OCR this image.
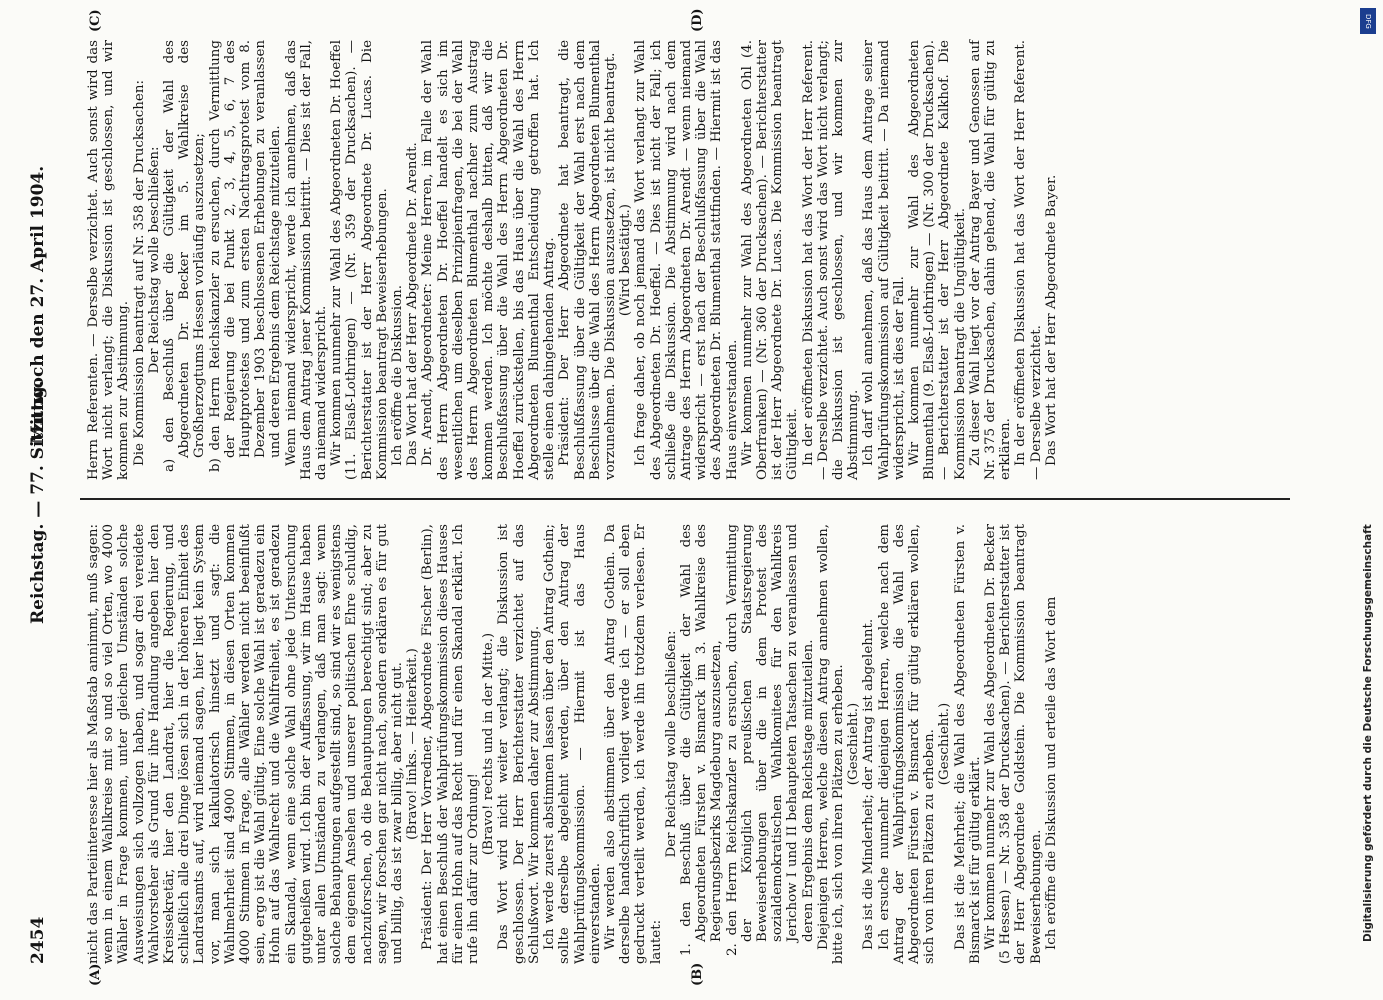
2454
Reichstag. — 77. Sitzung.
Mittwoch den 27. April 1904.
(A)	(B)
(C)	(D)

nicht das Parteiinteresse hier als Maßstab annimmt, muß sagen: wenn in einem Wahlkreise mit so und so viel Orten, wo 4000 Wähler in Frage kommen, unter gleichen Umständen solche Ausweisungen sich vollzogen haben, und sogar drei vereidete Wahlvorsteher als Grund für ihre Handlung angeben hier den Kreissekretär, hier den Landrat, hier die Regierung, und schließlich alle drei Dinge lösen sich in der höheren Einheit des Landratsamts auf, wird niemand sagen, hier liegt kein System vor, man sich kalkulatorisch hinsetzt und sagt: die Wahlmehrheit sind 4900 Stimmen, in diesen Orten kommen 4000 Stimmen in Frage, alle Wähler werden nicht beeinflußt sein, ergo ist die Wahl gültig. Eine solche Wahl ist geradezu ein Hohn auf das Wahlrecht und die Wahlfreiheit, es ist geradezu ein Skandal, wenn eine solche Wahl ohne jede Untersuchung gutgeheißen wird. Ich bin der Auffassung, wir im Hause haben unter allen Umständen zu verlangen, daß man sagt: wenn solche Behauptungen aufgestellt sind, so sind wir es wenigstens dem eigenen Ansehen und unserer politischen Ehre schuldig, nachzuforschen, ob die Behauptungen berechtigt sind; aber zu sagen, wir forschen gar nicht nach, sondern erklären es für gut und billig, das ist zwar billig, aber nicht gut. (Bravo! links. — Heiterkeit.) Präsident: Der Herr Vorredner, Abgeordnete Fischer (Berlin), hat einen Beschluß der Wahlprüfungskommission dieses Hauses für einen Hohn auf das Recht und für einen Skandal erklärt. Ich rufe ihn dafür zur Ordnung!

(Bravo! rechts und in der Mitte.) Das Wort wird nicht weiter verlangt; die Diskussion ist geschlossen. Der Herr Berichterstatter verzichtet auf das Schlußwort. Wir kommen daher zur Abstimmung. Ich werde zuerst abstimmen lassen über den Antrag Gothein; sollte derselbe abgelehnt werden, über den Antrag der Wahlprüfungskommission. — Hiermit ist das Haus einverstanden. Wir werden also abstimmen über den Antrag Gothein. Da derselbe handschriftlich vorliegt werde ich — er soll eben gedruckt verteilt werden, ich werde ihn trotzdem verlesen. Er lautet:

Der Reichstag wolle beschließen: 1. den Beschluß über die Gültigkeit der Wahl des Abgeordneten Fürsten v. Bismarck im 3. Wahlkreise des Regierungsbezirks Magdeburg auszusetzen, 2. den Herrn Reichskanzler zu ersuchen, durch Vermittlung der Königlich preußischen Staatsregierung Beweiserhebungen über die in dem Protest des sozialdemokratischen Wahlkomitees für den Wahlkreis Jerichow I und II behaupteten Tatsachen zu veranlassen und deren Ergebnis dem Reichstage mitzuteilen. Diejenigen Herren, welche diesen Antrag annehmen wollen, bitte ich, sich von ihren Plätzen zu erheben. (Geschieht.) Das ist die Minderheit; der Antrag ist abgelehnt. Ich ersuche nunmehr diejenigen Herren, welche nach dem Antrag der Wahlprüfungskommission die Wahl des Abgeordneten Fürsten v. Bismarck für gültig erklären wollen, sich von ihren Plätzen zu erheben. (Geschieht.) Das ist die Mehrheit; die Wahl des Abgeordneten Fürsten v. Bismarck ist für gültig erklärt. Wir kommen nunmehr zur Wahl des Abgeordneten Dr. Becker (5 Hessen) — Nr. 358 der Drucksachen). — Berichterstatter ist der Herr Abgeordnete Goldstein. Die Kommission beantragt Beweiserhebungen. Ich eröffne die Diskussion und erteile das Wort dem

Herrn Referenten. — Derselbe verzichtet. Auch sonst wird das Wort nicht verlangt; die Diskussion ist geschlossen, und wir kommen zur Abstimmung. Die Kommission beantragt auf Nr. 358 der Drucksachen: Der Reichstag wolle beschließen: a) den Beschluß über die Gültigkeit der Wahl des Abgeordneten Dr. Becker im 5. Wahlkreise des Großherzogtums Hessen vorläufig auszusetzen; b) den Herrn Reichskanzler zu ersuchen, durch Vermittlung der Regierung die bei Punkt 2, 3, 4, 5, 6, 7 des Hauptprotestes und zum ersten Nachtragsprotest vom 8. Dezember 1903 beschlossenen Erhebungen zu veranlassen und deren Ergebnis dem Reichstage mitzuteilen. Wenn niemand widerspricht, werde ich annehmen, daß das Haus dem Antrag jener Kommission beitritt. — Dies ist der Fall, da niemand widerspricht. Wir kommen nunmehr zur Wahl des Abgeordneten Dr. Hoeffel (11. Elsaß-Lothringen) — (Nr. 359 der Drucksachen). — Berichterstatter ist der Herr Abgeordnete Dr. Lucas. Die Kommission beantragt Beweiserhebungen. Ich eröffne die Diskussion. Das Wort hat der Herr Abgeordnete Dr. Arendt. Dr. Arendt, Abgeordneter: Meine Herren, im Falle der Wahl des Herrn Abgeordneten Dr. Hoeffel handelt es sich im wesentlichen um dieselben Prinzipienfragen, die bei der Wahl des Herrn Abgeordneten Blumenthal nachher zum Austrag kommen werden. Ich möchte deshalb bitten, daß wir die Beschlußfassung über die Wahl des Herrn Abgeordneten Dr. Hoeffel zurückstellen, bis das Haus über die Wahl des Herrn Abgeordneten Blumenthal Entscheidung getroffen hat. Ich stelle einen dahingehenden Antrag. Präsident: Der Herr Abgeordnete hat beantragt, die Beschlußfassung über die Gültigkeit der Wahl erst nach dem Beschlusse über die Wahl des Herrn Abgeordneten Blumenthal vorzunehmen. Die Diskussion auszusetzen, ist nicht beantragt. (Wird bestätigt.) Ich frage daher, ob noch jemand das Wort verlangt zur Wahl des Abgeordneten Dr. Hoeffel. — Dies ist nicht der Fall; ich schließe die Diskussion. Die Abstimmung wird nach dem Antrage des Herrn Abgeordneten Dr. Arendt — wenn niemand widerspricht — erst nach der Beschlußfassung über die Wahl des Abgeordneten Dr. Blumenthal stattfinden. — Hiermit ist das Haus einverstanden. Wir kommen nunmehr zur Wahl des Abgeordneten Ohl (4. Oberfranken) — (Nr. 360 der Drucksachen). — Berichterstatter ist der Herr Abgeordnete Dr. Lucas. Die Kommission beantragt Gültigkeit. In der eröffneten Diskussion hat das Wort der Herr Referent. — Derselbe verzichtet. Auch sonst wird das Wort nicht verlangt; die Diskussion ist geschlossen, und wir kommen zur Abstimmung. Ich darf wohl annehmen, daß das Haus dem Antrage seiner Wahlprüfungskommission auf Gültigkeit beitritt. — Da niemand widerspricht, ist dies der Fall. Wir kommen nunmehr zur Wahl des Abgeordneten Blumenthal (9. Elsaß-Lothringen) — (Nr. 300 der Drucksachen). — Berichterstatter ist der Herr Abgeordnete Kalkhof. Die Kommission beantragt die Ungültigkeit. Zu dieser Wahl liegt vor der Antrag Bayer und Genossen auf Nr. 375 der Drucksachen, dahin gehend, die Wahl für gültig zu erklären. In der eröffneten Diskussion hat das Wort der Herr Referent. — Derselbe verzichtet. Das Wort hat der Herr Abgeordnete Bayer.

DFG
Digitalisierung gefördert durch die Deutsche Forschungsgemeinschaft
